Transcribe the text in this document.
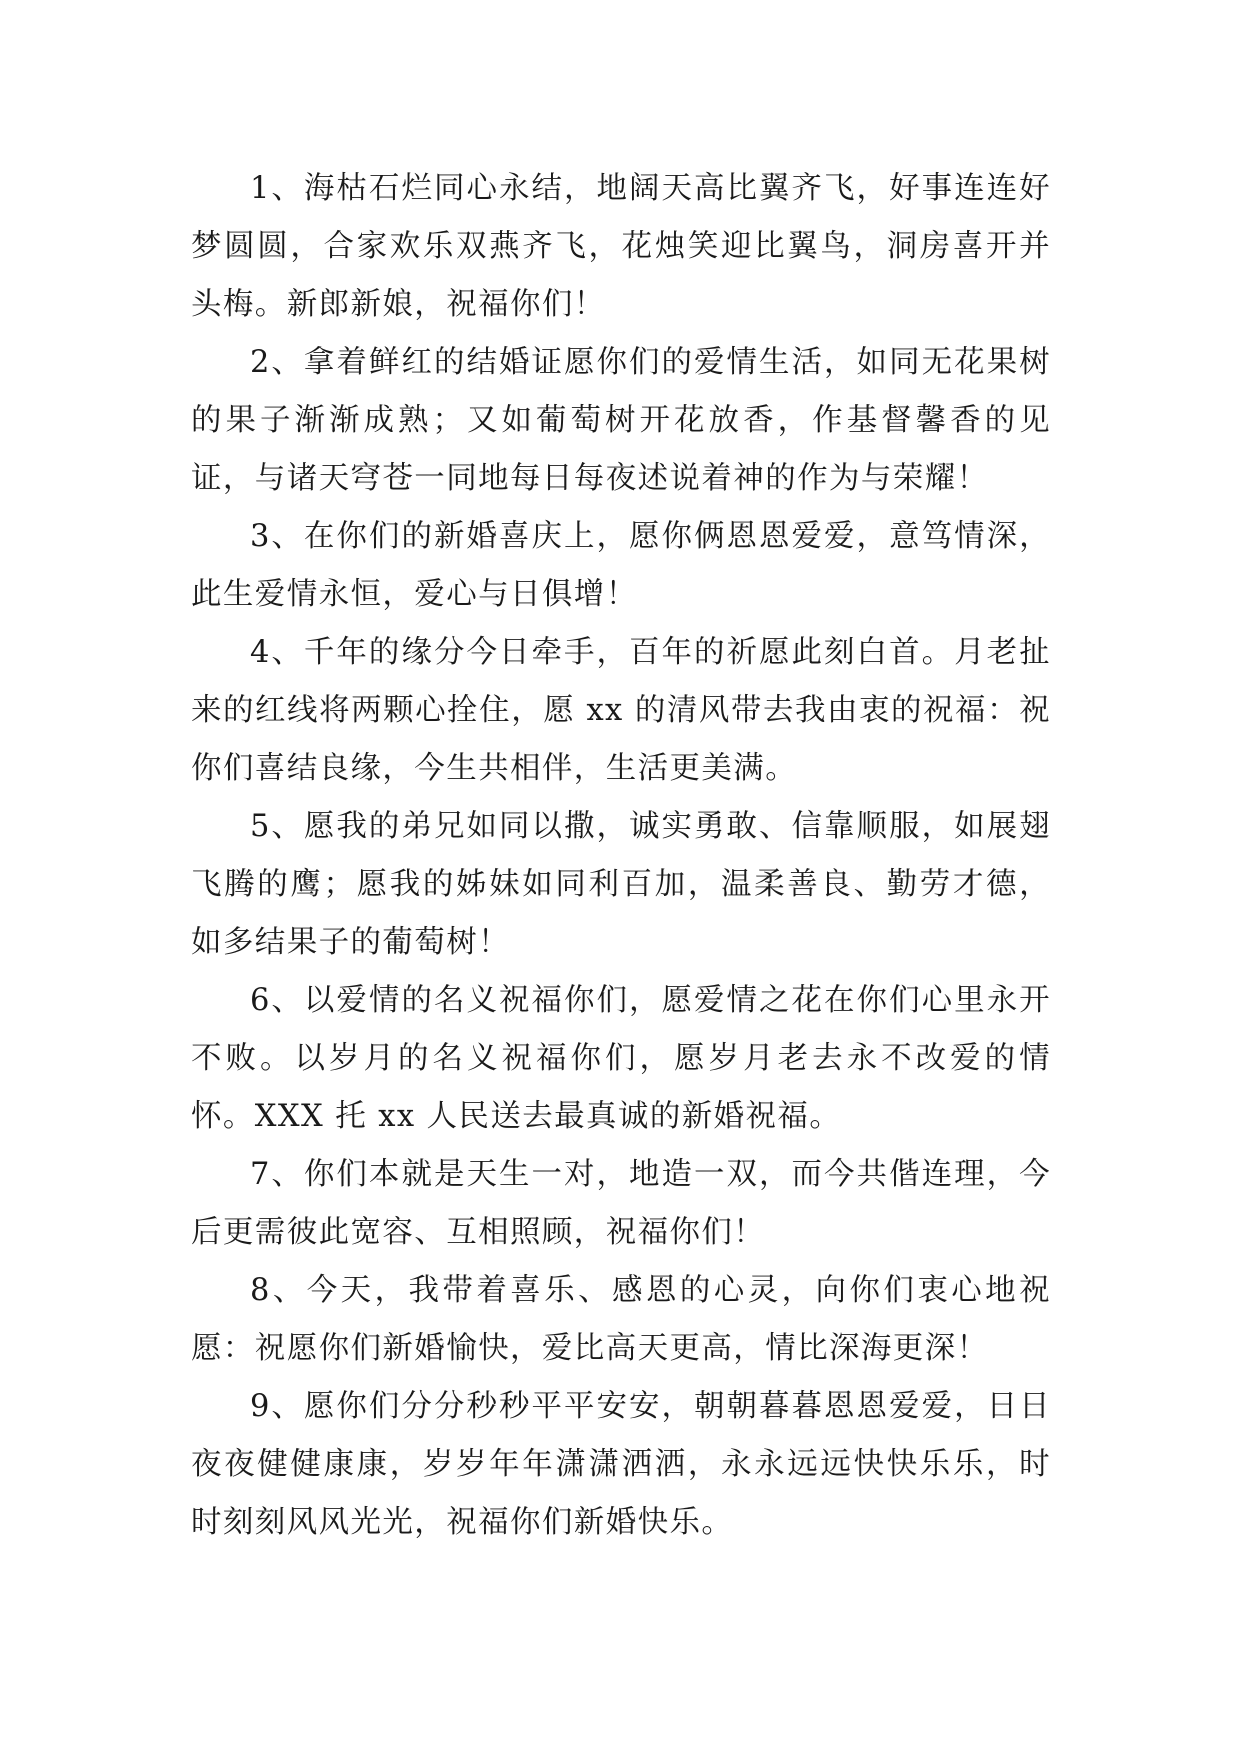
1、海枯石烂同心永结，地阔天高比翼齐飞，好事连连好梦圆圆，合家欢乐双燕齐飞，花烛笑迎比翼鸟，洞房喜开并头梅。新郎新娘，祝福你们！

2、拿着鲜红的结婚证愿你们的爱情生活，如同无花果树的果子渐渐成熟；又如葡萄树开花放香，作基督馨香的见证，与诸天穹苍一同地每日每夜述说着神的作为与荣耀！

3、在你们的新婚喜庆上，愿你俩恩恩爱爱，意笃情深，此生爱情永恒，爱心与日俱增！

4、千年的缘分今日牵手，百年的祈愿此刻白首。月老扯来的红线将两颗心拴住，愿 xx 的清风带去我由衷的祝福：祝你们喜结良缘，今生共相伴，生活更美满。

5、愿我的弟兄如同以撒，诚实勇敢、信靠顺服，如展翅飞腾的鹰；愿我的姊妹如同利百加，温柔善良、勤劳才德，如多结果子的葡萄树！

6、以爱情的名义祝福你们，愿爱情之花在你们心里永开不败。以岁月的名义祝福你们，愿岁月老去永不改爱的情怀。XXX 托 xx 人民送去最真诚的新婚祝福。

7、你们本就是天生一对，地造一双，而今共偕连理，今后更需彼此宽容、互相照顾，祝福你们！

8、今天，我带着喜乐、感恩的心灵，向你们衷心地祝愿：祝愿你们新婚愉快，爱比高天更高，情比深海更深！

9、愿你们分分秒秒平平安安，朝朝暮暮恩恩爱爱，日日夜夜健健康康，岁岁年年潇潇洒洒，永永远远快快乐乐，时时刻刻风风光光，祝福你们新婚快乐。
